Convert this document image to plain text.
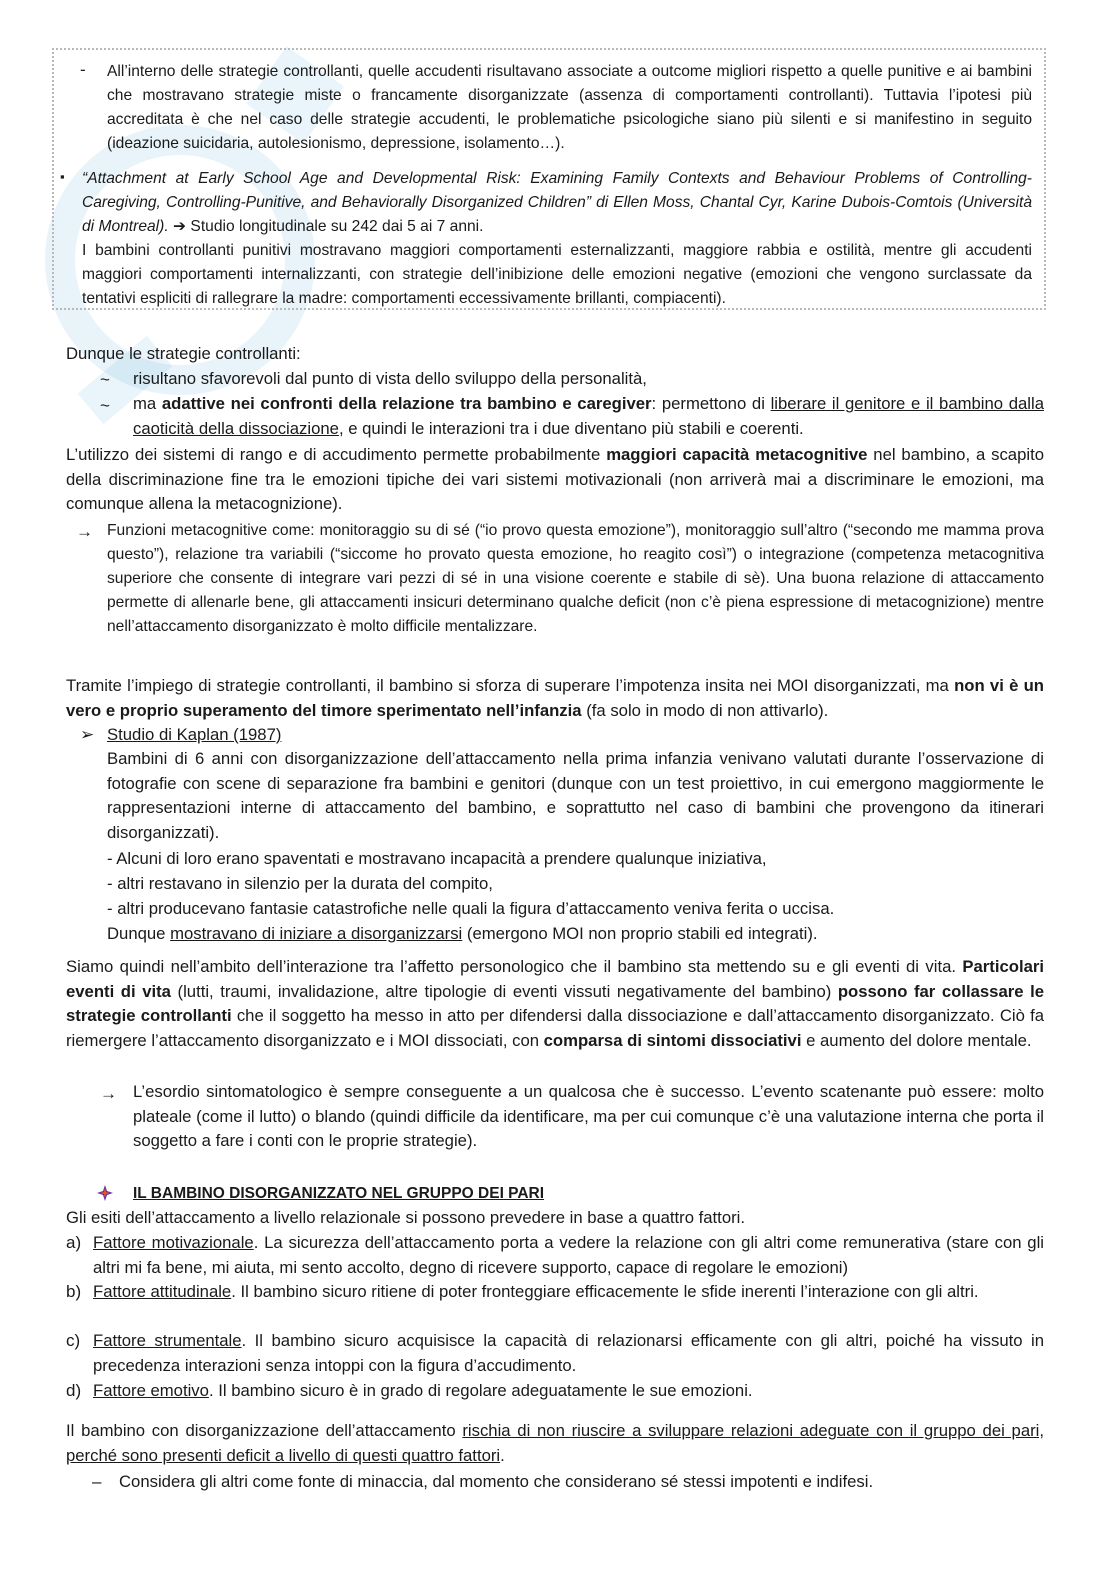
- All’interno delle strategie controllanti, quelle accudenti risultavano associate a outcome migliori rispetto a quelle punitive e ai bambini che mostravano strategie miste o francamente disorganizzate (assenza di comportamenti controllanti). Tuttavia l’ipotesi più accreditata è che nel caso delle strategie accudenti, le problematiche psicologiche siano più silenti e si manifestino in seguito (ideazione suicidaria, autolesionismo, depressione, isolamento…).

▪ “Attachment at Early School Age and Developmental Risk: Examining Family Contexts and Behaviour Problems of Controlling-Caregiving, Controlling-Punitive, and Behaviorally Disorganized Children” di Ellen Moss, Chantal Cyr, Karine Dubois-Comtois (Università di Montreal). ➔ Studio longitudinale su 242 dai 5 ai 7 anni.
I bambini controllanti punitivi mostravano maggiori comportamenti esternalizzanti, maggiore rabbia e ostilità, mentre gli accudenti maggiori comportamenti internalizzanti, con strategie dell’inibizione delle emozioni negative (emozioni che vengono surclassate da tentativi espliciti di rallegrare la madre: comportamenti eccessivamente brillanti, compiacenti).

Dunque le strategie controllanti:

~ risultano sfavorevoli dal punto di vista dello sviluppo della personalità,

~ ma adattive nei confronti della relazione tra bambino e caregiver: permettono di liberare il genitore e il bambino dalla caoticità della dissociazione, e quindi le interazioni tra i due diventano più stabili e coerenti.

L’utilizzo dei sistemi di rango e di accudimento permette probabilmente maggiori capacità metacognitive nel bambino, a scapito della discriminazione fine tra le emozioni tipiche dei vari sistemi motivazionali (non arriverà mai a discriminare le emozioni, ma comunque allena la metacognizione).

→ Funzioni metacognitive come: monitoraggio su di sé (“io provo questa emozione”), monitoraggio sull’altro (“secondo me mamma prova questo”), relazione tra variabili (“siccome ho provato questa emozione, ho reagito così”) o integrazione (competenza metacognitiva superiore che consente di integrare vari pezzi di sé in una visione coerente e stabile di sè). Una buona relazione di attaccamento permette di allenarle bene, gli attaccamenti insicuri determinano qualche deficit (non c’è piena espressione di metacognizione) mentre nell’attaccamento disorganizzato è molto difficile mentalizzare.

Tramite l’impiego di strategie controllanti, il bambino si sforza di superare l’impotenza insita nei MOI disorganizzati, ma non vi è un vero e proprio superamento del timore sperimentato nell’infanzia (fa solo in modo di non attivarlo).

➢ Studio di Kaplan (1987)

Bambini di 6 anni con disorganizzazione dell’attaccamento nella prima infanzia venivano valutati durante l’osservazione di fotografie con scene di separazione fra bambini e genitori (dunque con un test proiettivo, in cui emergono maggiormente le rappresentazioni interne di attaccamento del bambino, e soprattutto nel caso di bambini che provengono da itinerari disorganizzati).

- Alcuni di loro erano spaventati e mostravano incapacità a prendere qualunque iniziativa,

- altri restavano in silenzio per la durata del compito,

- altri producevano fantasie catastrofiche nelle quali la figura d’attaccamento veniva ferita o uccisa.

Dunque mostravano di iniziare a disorganizzarsi (emergono MOI non proprio stabili ed integrati).

Siamo quindi nell’ambito dell’interazione tra l’affetto personologico che il bambino sta mettendo su e gli eventi di vita. Particolari eventi di vita (lutti, traumi, invalidazione, altre tipologie di eventi vissuti negativamente del bambino) possono far collassare le strategie controllanti che il soggetto ha messo in atto per difendersi dalla dissociazione e dall’attaccamento disorganizzato. Ciò fa riemergere l’attaccamento disorganizzato e i MOI dissociati, con comparsa di sintomi dissociativi e aumento del dolore mentale.

→ L’esordio sintomatologico è sempre conseguente a un qualcosa che è successo. L’evento scatenante può essere: molto plateale (come il lutto) o blando (quindi difficile da identificare, ma per cui comunque c’è una valutazione interna che porta il soggetto a fare i conti con le proprie strategie).

IL BAMBINO DISORGANIZZATO NEL GRUPPO DEI PARI

Gli esiti dell’attaccamento a livello relazionale si possono prevedere in base a quattro fattori.

a) Fattore motivazionale. La sicurezza dell’attaccamento porta a vedere la relazione con gli altri come remunerativa (stare con gli altri mi fa bene, mi aiuta, mi sento accolto, degno di ricevere supporto, capace di regolare le emozioni)

b) Fattore attitudinale. Il bambino sicuro ritiene di poter fronteggiare efficacemente le sfide inerenti l’interazione con gli altri.

c) Fattore strumentale. Il bambino sicuro acquisisce la capacità di relazionarsi efficamente con gli altri, poiché ha vissuto in precedenza interazioni senza intoppi con la figura d’accudimento.

d) Fattore emotivo. Il bambino sicuro è in grado di regolare adeguatamente le sue emozioni.

Il bambino con disorganizzazione dell’attaccamento rischia di non riuscire a sviluppare relazioni adeguate con il gruppo dei pari, perché sono presenti deficit a livello di questi quattro fattori.

– Considera gli altri come fonte di minaccia, dal momento che considerano sé stessi impotenti e indifesi.
